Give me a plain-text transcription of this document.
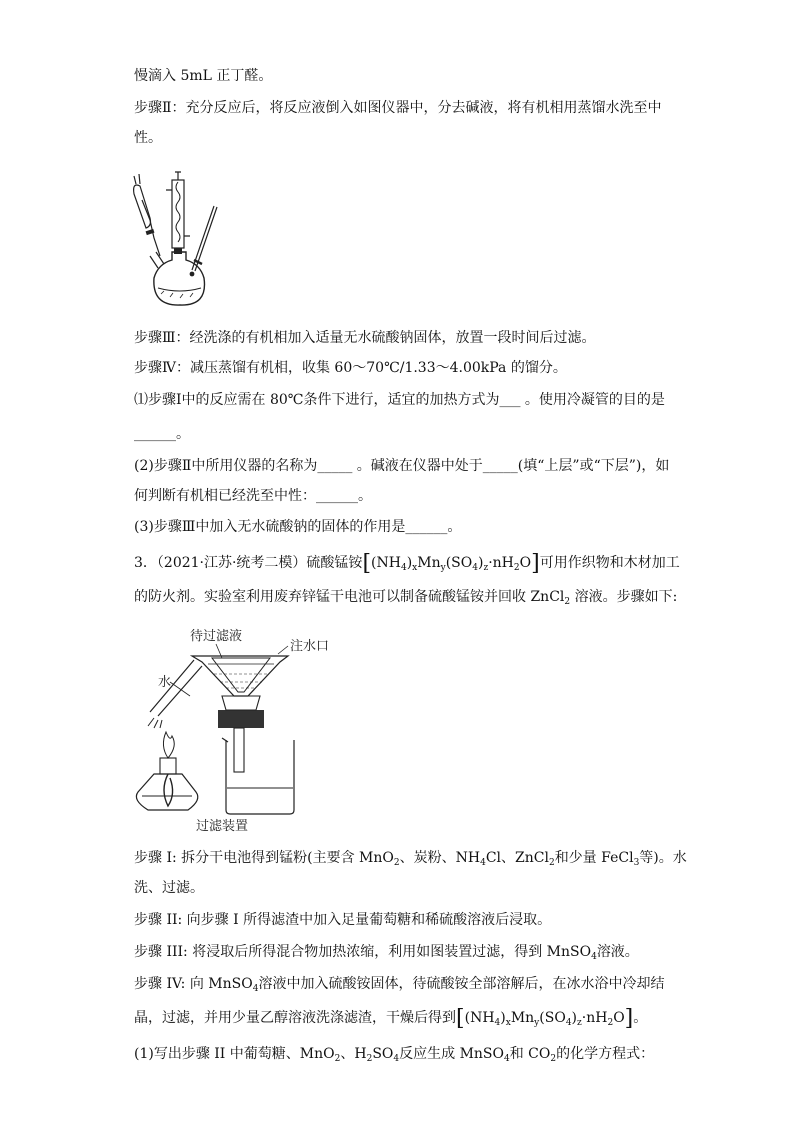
慢滴入 5mL 正丁醛。
步骤Ⅱ：充分反应后，将反应液倒入如图仪器中，分去碱液，将有机相用蒸馏水洗至中
性。
步骤Ⅲ：经洗涤的有机相加入适量无水硫酸钠固体，放置一段时间后过滤。
步骤Ⅳ：减压蒸馏有机相，收集 60～70℃/1.33～4.00kPa 的馏分。
⑴步骤Ⅰ中的反应需在 80℃条件下进行，适宜的加热方式为___ 。使用冷凝管的目的是
______。
(2)步骤Ⅱ中所用仪器的名称为_____ 。碱液在仪器中处于_____(填“上层”或“下层”)，如
何判断有机相已经洗至中性：______。
(3)步骤Ⅲ中加入无水硫酸钠的固体的作用是______。
3．（2021·江苏·统考二模）硫酸锰铵$[(NH_4)_xMn_y(SO_4)_z\cdot nH_2O]$可用作织物和木材加工
的防火剂。实验室利用废弃锌锰干电池可以制备硫酸锰铵并回收 ZnCl$_2$ 溶液。步骤如下:
待过滤液
注水口
水
过滤装置
步骤 I: 拆分干电池得到锰粉(主要含 MnO$_2$、炭粉、$NH_4Cl$、ZnCl$_2$和少量 FeCl$_3$等)。水
洗、过滤。
步骤 II: 向步骤 I 所得滤渣中加入足量葡萄糖和稀硫酸溶液后浸取。
步骤 III: 将浸取后所得混合物加热浓缩，利用如图装置过滤，得到 MnSO$_4$溶液。
步骤 IV: 向 MnSO$_4$溶液中加入硫酸铵固体，待硫酸铵全部溶解后，在冰水浴中冷却结
晶，过滤，并用少量乙醇溶液洗涤滤渣，干燥后得到$[(NH_4)_xMn_y(SO_4)_z\cdot nH_2O]$。
(1)写出步骤 II 中葡萄糖、MnO$_2$、$H_2SO_4$反应生成 MnSO$_4$和 $CO_2$的化学方程式：
